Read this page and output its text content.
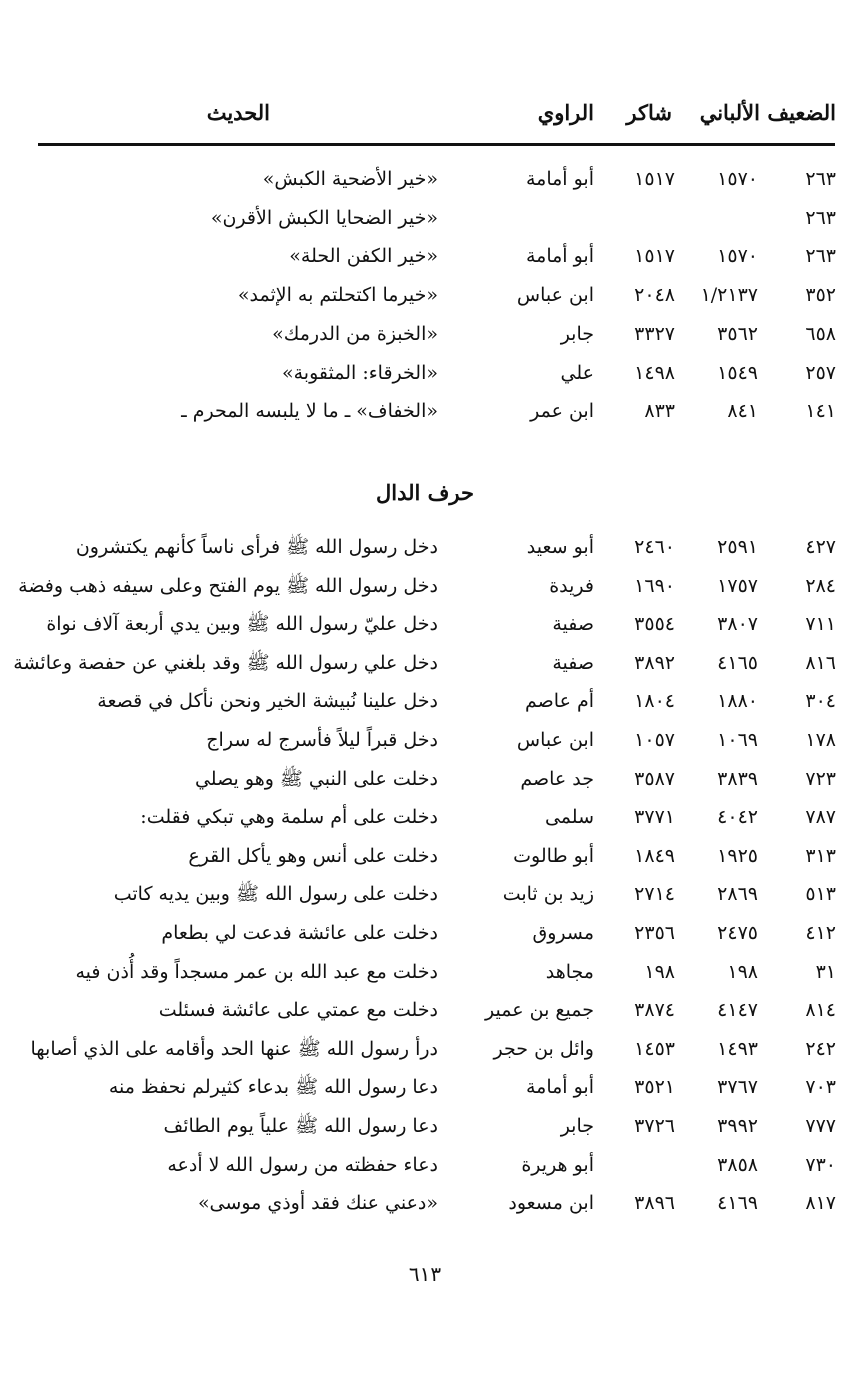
الضعيف
الألباني
شاكر
الراوي
الحديث
٢٦٣
١٥٧٠
١٥١٧
أبو أمامة
«خير الأضحية الكبش»
٢٦٣
«خير الضحايا الكبش الأقرن»
٢٦٣
١٥٧٠
١٥١٧
أبو أمامة
«خير الكفن الحلة»
٣٥٢
١/٢١٣٧
٢٠٤٨
ابن عباس
«خيرما اكتحلتم به الإثمد»
٦٥٨
٣٥٦٢
٣٣٢٧
جابر
«الخبزة من الدرمك»
٢٥٧
١٥٤٩
١٤٩٨
علي
«الخرقاء: المثقوبة»
١٤١
٨٤١
٨٣٣
ابن عمر
«الخفاف» ـ ما لا يلبسه المحرم ـ
حرف الدال
٤٢٧
٢٥٩١
٢٤٦٠
أبو سعيد
دخل رسول الله ﷺ فرأى ناساً كأنهم يكتشرون
٢٨٤
١٧٥٧
١٦٩٠
فريدة
دخل رسول الله ﷺ يوم الفتح وعلى سيفه ذهب وفضة
٧١١
٣٨٠٧
٣٥٥٤
صفية
دخل عليّ رسول الله ﷺ وبين يدي أربعة آلاف نواة
٨١٦
٤١٦٥
٣٨٩٢
صفية
دخل علي رسول الله ﷺ وقد بلغني عن حفصة وعائشة
٣٠٤
١٨٨٠
١٨٠٤
أم عاصم
دخل علينا نُبيشة الخير ونحن نأكل في قصعة
١٧٨
١٠٦٩
١٠٥٧
ابن عباس
دخل قبراً ليلاً فأسرج له سراج
٧٢٣
٣٨٣٩
٣٥٨٧
جد عاصم
دخلت على النبي ﷺ وهو يصلي
٧٨٧
٤٠٤٢
٣٧٧١
سلمى
دخلت على أم سلمة وهي تبكي فقلت:
٣١٣
١٩٢٥
١٨٤٩
أبو طالوت
دخلت على أنس وهو يأكل القرع
٥١٣
٢٨٦٩
٢٧١٤
زيد بن ثابت
دخلت على رسول الله ﷺ وبين يديه كاتب
٤١٢
٢٤٧٥
٢٣٥٦
مسروق
دخلت على عائشة فدعت لي بطعام
٣١
١٩٨
١٩٨
مجاهد
دخلت مع عبد الله بن عمر مسجداً وقد أُذن فيه
٨١٤
٤١٤٧
٣٨٧٤
جميع بن عمير
دخلت مع عمتي على عائشة فسئلت
٢٤٢
١٤٩٣
١٤٥٣
وائل بن حجر
درأ رسول الله ﷺ عنها الحد وأقامه على الذي أصابها
٧٠٣
٣٧٦٧
٣٥٢١
أبو أمامة
دعا رسول الله ﷺ بدعاء كثيرلم نحفظ منه
٧٧٧
٣٩٩٢
٣٧٢٦
جابر
دعا رسول الله ﷺ علياً يوم الطائف
٧٣٠
٣٨٥٨
أبو هريرة
دعاء حفظته من رسول الله لا أدعه
٨١٧
٤١٦٩
٣٨٩٦
ابن مسعود
«دعني عنك فقد أوذي موسى»
٦١٣
